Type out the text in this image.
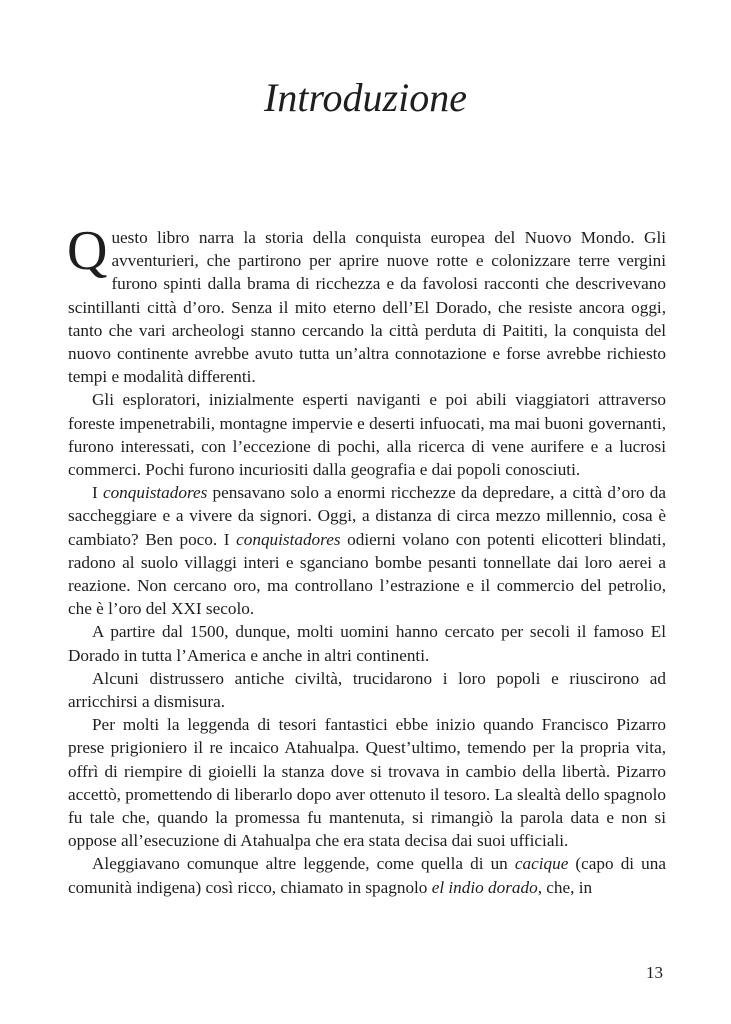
Introduzione

Questo libro narra la storia della conquista europea del Nuovo Mondo. Gli avventurieri, che partirono per aprire nuove rotte e colonizzare terre vergini furono spinti dalla brama di ricchezza e da favolosi racconti che descrivevano scintillanti città d’oro. Senza il mito eterno dell’El Dorado, che resiste ancora oggi, tanto che vari archeologi stanno cercando la città perduta di Paititi, la conquista del nuovo continente avrebbe avuto tutta un’altra connotazione e forse avrebbe richiesto tempi e modalità differenti.

Gli esploratori, inizialmente esperti naviganti e poi abili viaggiatori attraverso foreste impenetrabili, montagne impervie e deserti infuocati, ma mai buoni governanti, furono interessati, con l’eccezione di pochi, alla ricerca di vene aurifere e a lucrosi commerci. Pochi furono incuriositi dalla geografia e dai popoli conosciuti.

I conquistadores pensavano solo a enormi ricchezze da depredare, a città d’oro da saccheggiare e a vivere da signori. Oggi, a distanza di circa mezzo millennio, cosa è cambiato? Ben poco. I conquistadores odierni volano con potenti elicotteri blindati, radono al suolo villaggi interi e sganciano bombe pesanti tonnellate dai loro aerei a reazione. Non cercano oro, ma controllano l’estrazione e il commercio del petrolio, che è l’oro del XXI secolo.

A partire dal 1500, dunque, molti uomini hanno cercato per secoli il famoso El Dorado in tutta l’America e anche in altri continenti.

Alcuni distrussero antiche civiltà, trucidarono i loro popoli e riuscirono ad arricchirsi a dismisura.

Per molti la leggenda di tesori fantastici ebbe inizio quando Francisco Pizarro prese prigioniero il re incaico Atahualpa. Quest’ultimo, temendo per la propria vita, offrì di riempire di gioielli la stanza dove si trovava in cambio della libertà. Pizarro accettò, promettendo di liberarlo dopo aver ottenuto il tesoro. La slealtà dello spagnolo fu tale che, quando la promessa fu mantenuta, si rimangiò la parola data e non si oppose all’esecuzione di Atahualpa che era stata decisa dai suoi ufficiali.

Aleggiavano comunque altre leggende, come quella di un cacique (capo di una comunità indigena) così ricco, chiamato in spagnolo el indio dorado, che, in

13
